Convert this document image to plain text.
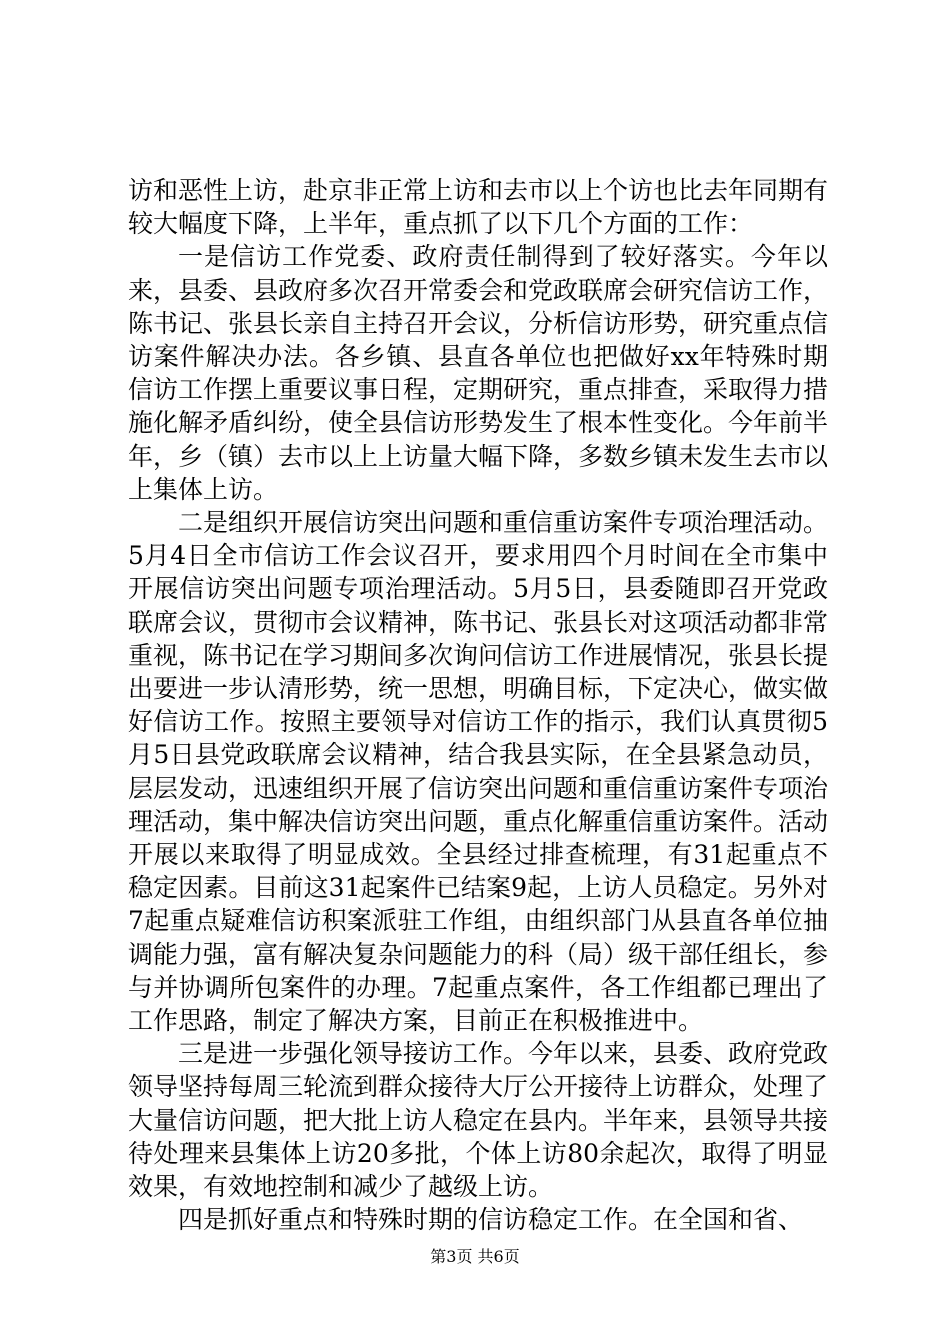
访和恶性上访，赴京非正常上访和去市以上个访也比去年同期有较大幅度下降，上半年，重点抓了以下几个方面的工作：

一是信访工作党委、政府责任制得到了较好落实。今年以来，县委、县政府多次召开常委会和党政联席会研究信访工作，陈书记、张县长亲自主持召开会议，分析信访形势，研究重点信访案件解决办法。各乡镇、县直各单位也把做好xx年特殊时期信访工作摆上重要议事日程，定期研究，重点排查，采取得力措施化解矛盾纠纷，使全县信访形势发生了根本性变化。今年前半年，乡（镇）去市以上上访量大幅下降，多数乡镇未发生去市以上集体上访。

二是组织开展信访突出问题和重信重访案件专项治理活动。5月4日全市信访工作会议召开，要求用四个月时间在全市集中开展信访突出问题专项治理活动。5月5日，县委随即召开党政联席会议，贯彻市会议精神，陈书记、张县长对这项活动都非常重视，陈书记在学习期间多次询问信访工作进展情况，张县长提出要进一步认清形势，统一思想，明确目标，下定决心，做实做好信访工作。按照主要领导对信访工作的指示，我们认真贯彻5月5日县党政联席会议精神，结合我县实际，在全县紧急动员，层层发动，迅速组织开展了信访突出问题和重信重访案件专项治理活动，集中解决信访突出问题，重点化解重信重访案件。活动开展以来取得了明显成效。全县经过排查梳理，有31起重点不稳定因素。目前这31起案件已结案9起，上访人员稳定。另外对7起重点疑难信访积案派驻工作组，由组织部门从县直各单位抽调能力强，富有解决复杂问题能力的科（局）级干部任组长，参与并协调所包案件的办理。7起重点案件，各工作组都已理出了工作思路，制定了解决方案，目前正在积极推进中。

三是进一步强化领导接访工作。今年以来，县委、政府党政领导坚持每周三轮流到群众接待大厅公开接待上访群众，处理了大量信访问题，把大批上访人稳定在县内。半年来，县领导共接待处理来县集体上访20多批，个体上访80余起次，取得了明显效果，有效地控制和减少了越级上访。

四是抓好重点和特殊时期的信访稳定工作。在全国和省、

第3页 共6页
